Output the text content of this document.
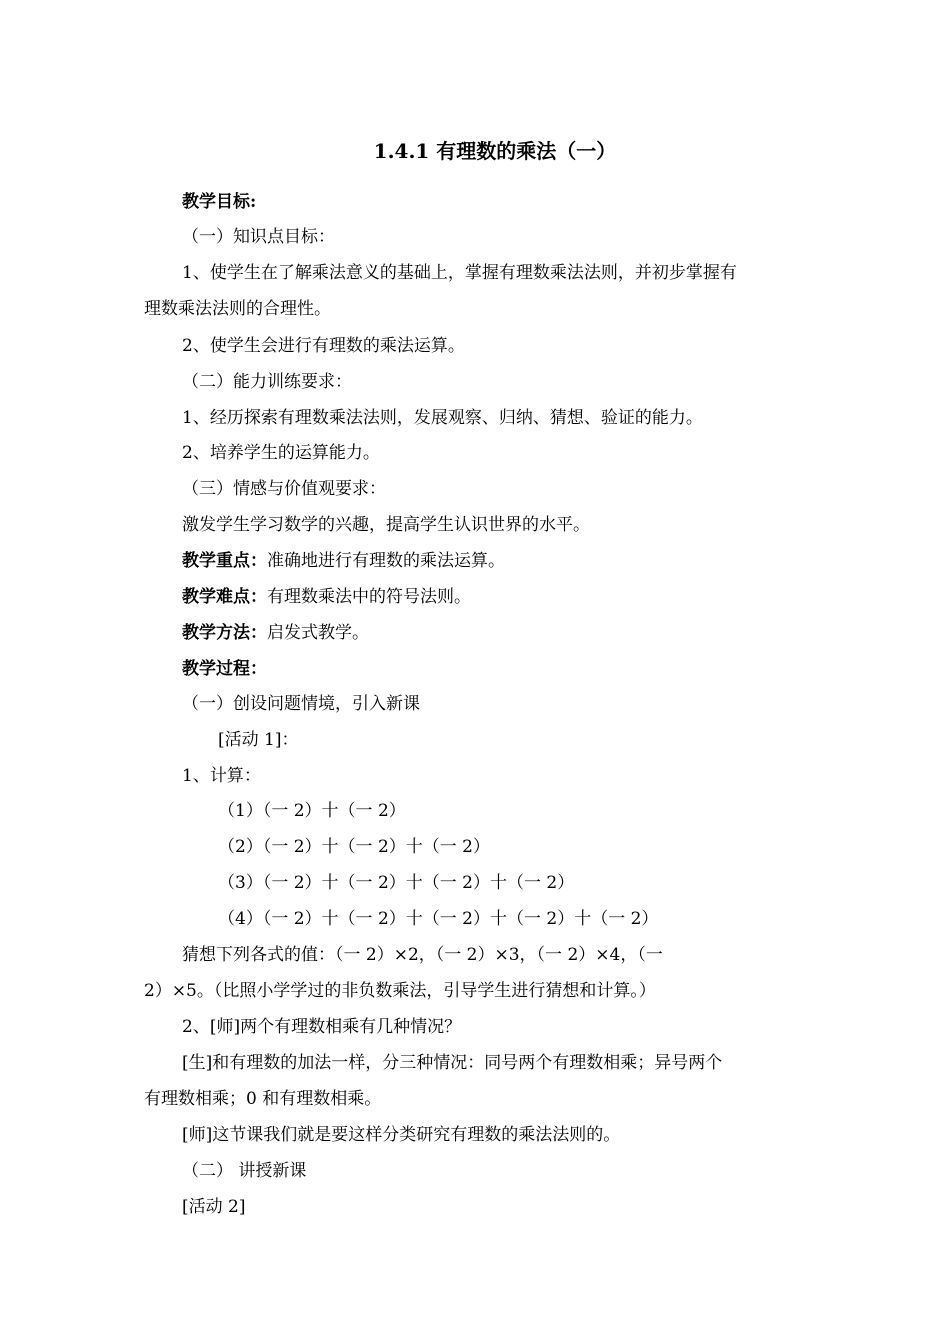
1.4.1 有理数的乘法（一）
教学目标:
（一）知识点目标：
1、使学生在了解乘法意义的基础上，掌握有理数乘法法则，并初步掌握有
理数乘法法则的合理性。
2、使学生会进行有理数的乘法运算。
（二）能力训练要求：
1、经历探索有理数乘法法则，发展观察、归纳、猜想、验证的能力。
2、培养学生的运算能力。
（三）情感与价值观要求：
激发学生学习数学的兴趣，提高学生认识世界的水平。
教学重点：准确地进行有理数的乘法运算。
教学难点：有理数乘法中的符号法则。
教学方法：启发式教学。
教学过程：
（一）创设问题情境，引入新课
[活动 1]：
1、计算：
（1）（一 2）十（一 2）
（2）（一 2）十（一 2）十（一 2）
（3）（一 2）十（一 2）十（一 2）十（一 2）
（4）（一 2）十（一 2）十（一 2）十（一 2）十（一 2）
猜想下列各式的值：（一 2）×2，（一 2）×3，（一 2）×4，（一
2）×5。（比照小学学过的非负数乘法，引导学生进行猜想和计算。）
2、[师]两个有理数相乘有几种情况？
[生]和有理数的加法一样，分三种情况：同号两个有理数相乘；异号两个
有理数相乘；0 和有理数相乘。
[师]这节课我们就是要这样分类研究有理数的乘法法则的。
（二） 讲授新课
[活动 2]
